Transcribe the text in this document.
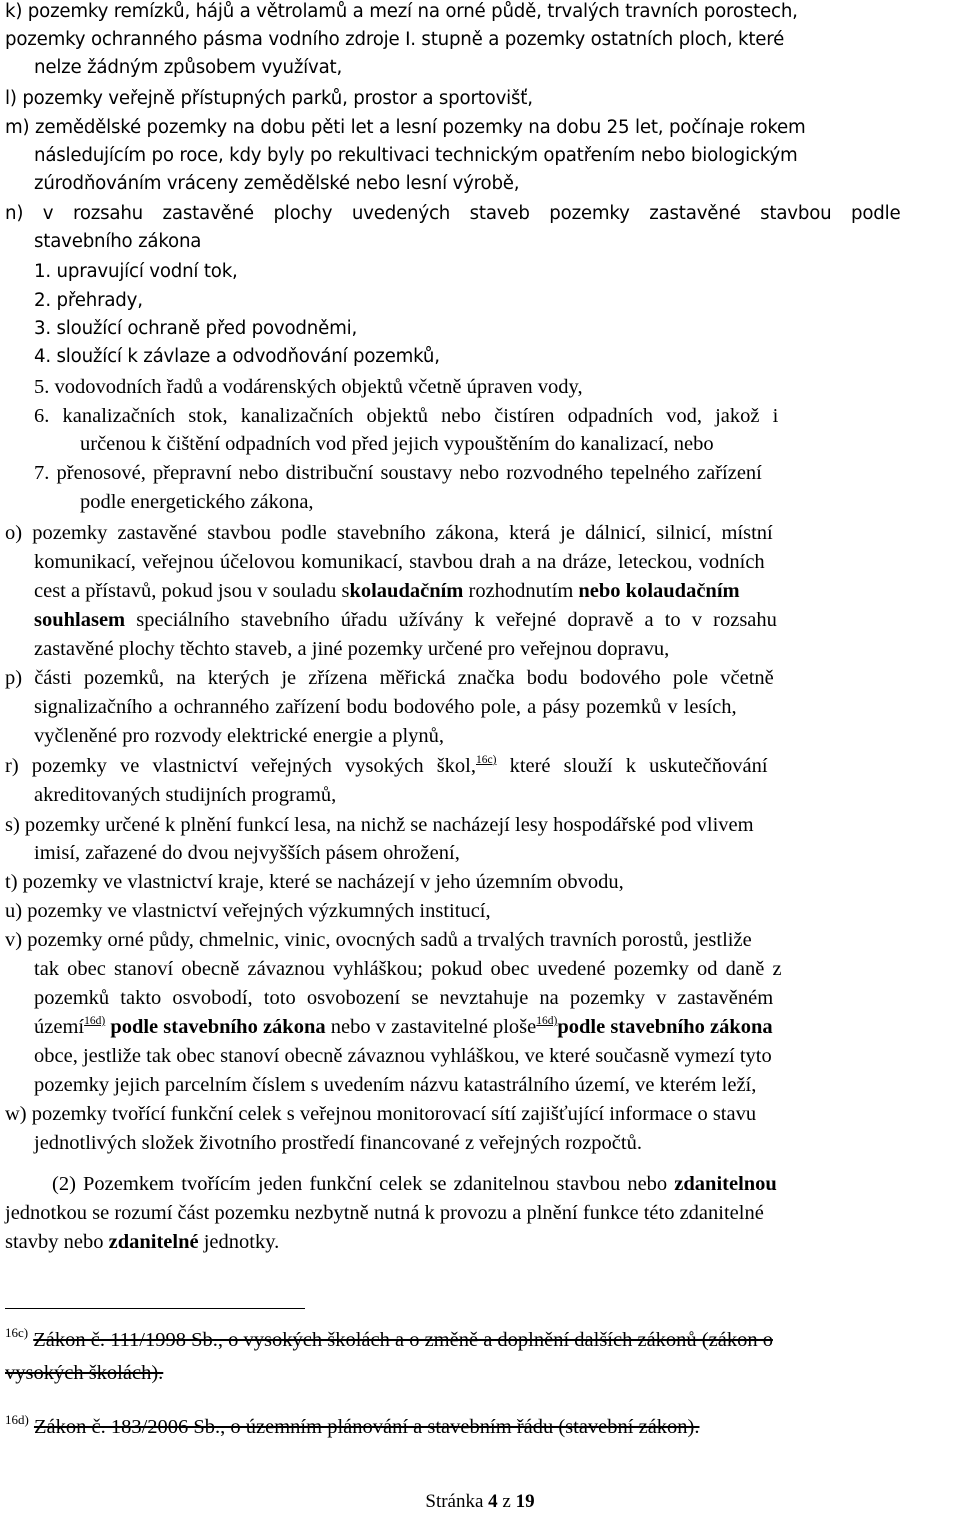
k) pozemky remízků, hájů a větrolamů a mezí na orné půdě, trvalých travních porostech,
pozemky ochranného pásma vodního zdroje I. stupně a pozemky ostatních ploch, které
nelze žádným způsobem využívat,
l) pozemky veřejně přístupných parků, prostor a sportovišť,
m) zemědělské pozemky na dobu pěti let a lesní pozemky na dobu 25 let, počínaje rokem
následujícím po roce, kdy byly po rekultivaci technickým opatřením nebo biologickým
zúrodňováním vráceny zemědělské nebo lesní výrobě,
n) v rozsahu zastavěné plochy uvedených staveb pozemky zastavěné stavbou podle
stavebního zákona
1. upravující vodní tok,
2. přehrady,
3. sloužící ochraně před povodněmi,
4. sloužící k závlaze a odvodňování pozemků,
5. vodovodních řadů a vodárenských objektů včetně úpraven vody,
6. kanalizačních stok, kanalizačních objektů nebo čistíren odpadních vod, jakož i
určenou k čištění odpadních vod před jejich vypouštěním do kanalizací, nebo
7. přenosové, přepravní nebo distribuční soustavy nebo rozvodného tepelného zařízení
podle energetického zákona,
o) pozemky zastavěné stavbou podle stavebního zákona, která je dálnicí, silnicí, místní
komunikací, veřejnou účelovou komunikací, stavbou drah a na dráze, leteckou, vodních
cest a přístavů, pokud jsou v souladu skolaudačním rozhodnutím nebo kolaudačním
souhlasem speciálního stavebního úřadu užívány k veřejné dopravě a to v rozsahu
zastavěné plochy těchto staveb, a jiné pozemky určené pro veřejnou dopravu,
p) části pozemků, na kterých je zřízena měřická značka bodu bodového pole včetně
signalizačního a ochranného zařízení bodu bodového pole, a pásy pozemků v lesích,
vyčleněné pro rozvody elektrické energie a plynů,
r) pozemky ve vlastnictví veřejných vysokých škol,$^{16c)}$ které slouží k uskutečňování
akreditovaných studijních programů,
s) pozemky určené k plnění funkcí lesa, na nichž se nacházejí lesy hospodářské pod vlivem
imisí, zařazené do dvou nejvyšších pásem ohrožení,
t) pozemky ve vlastnictví kraje, které se nacházejí v jeho územním obvodu,
u) pozemky ve vlastnictví veřejných výzkumných institucí,
v) pozemky orné půdy, chmelnic, vinic, ovocných sadů a trvalých travních porostů, jestliže
tak obec stanoví obecně závaznou vyhláškou; pokud obec uvedené pozemky od daně z
pozemků takto osvobodí, toto osvobození se nevztahuje na pozemky v zastavěném
území$^{16d)}$ podle stavebního zákona nebo v zastavitelné ploše$^{16d)}$podle stavebního zákona
obce, jestliže tak obec stanoví obecně závaznou vyhláškou, ve které současně vymezí tyto
pozemky jejich parcelním číslem s uvedením názvu katastrálního území, ve kterém leží,
w) pozemky tvořící funkční celek s veřejnou monitorovací sítí zajišťující informace o stavu
jednotlivých složek životního prostředí financované z veřejných rozpočtů.
(2) Pozemkem tvořícím jeden funkční celek se zdanitelnou stavbou nebo zdanitelnou
jednotkou se rozumí část pozemku nezbytně nutná k provozu a plnění funkce této zdanitelné
stavby nebo zdanitelné jednotky.
$^{16c)}$ Zákon č. 111/1998 Sb., o vysokých školách a o změně a doplnění dalších zákonů (zákon o
vysokých školách).
$^{16d)}$ Zákon č. 183/2006 Sb., o územním plánování a stavebním řádu (stavební zákon).
Stránka 4 z 19
